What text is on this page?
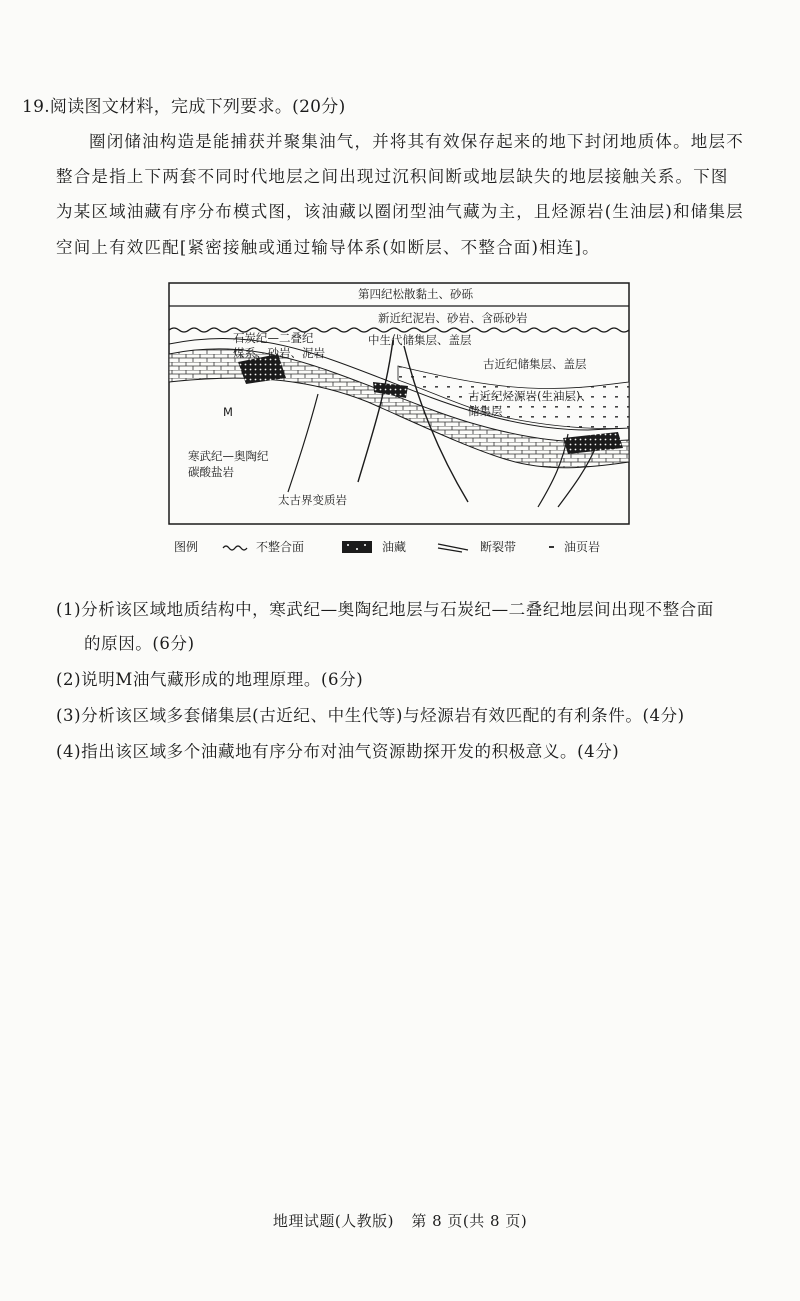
19.阅读图文材料，完成下列要求。(20分)
圈闭储油构造是能捕获并聚集油气，并将其有效保存起来的地下封闭地质体。地层不
整合是指上下两套不同时代地层之间出现过沉积间断或地层缺失的地层接触关系。下图
为某区域油藏有序分布模式图，该油藏以圈闭型油气藏为主，且烃源岩(生油层)和储集层
空间上有效匹配[紧密接触或通过输导体系(如断层、不整合面)相连]。
第四纪松散黏土、砂砾
新近纪泥岩、砂岩、含砾砂岩
石炭纪—二叠纪
煤系、砂岩、泥岩
中生代储集层、盖层
古近纪储集层、盖层
古近纪烃源岩(生油层)、
储集层
M
寒武纪—奥陶纪
碳酸盐岩
太古界变质岩
图例	不整合面	油藏	断裂带	油页岩
(1)分析该区域地质结构中，寒武纪—奥陶纪地层与石炭纪—二叠纪地层间出现不整合面
的原因。(6分)
(2)说明M油气藏形成的地理原理。(6分)
(3)分析该区域多套储集层(古近纪、中生代等)与烃源岩有效匹配的有利条件。(4分)
(4)指出该区域多个油藏地有序分布对油气资源勘探开发的积极意义。(4分)
地理试题(人教版) 第 8 页(共 8 页)
